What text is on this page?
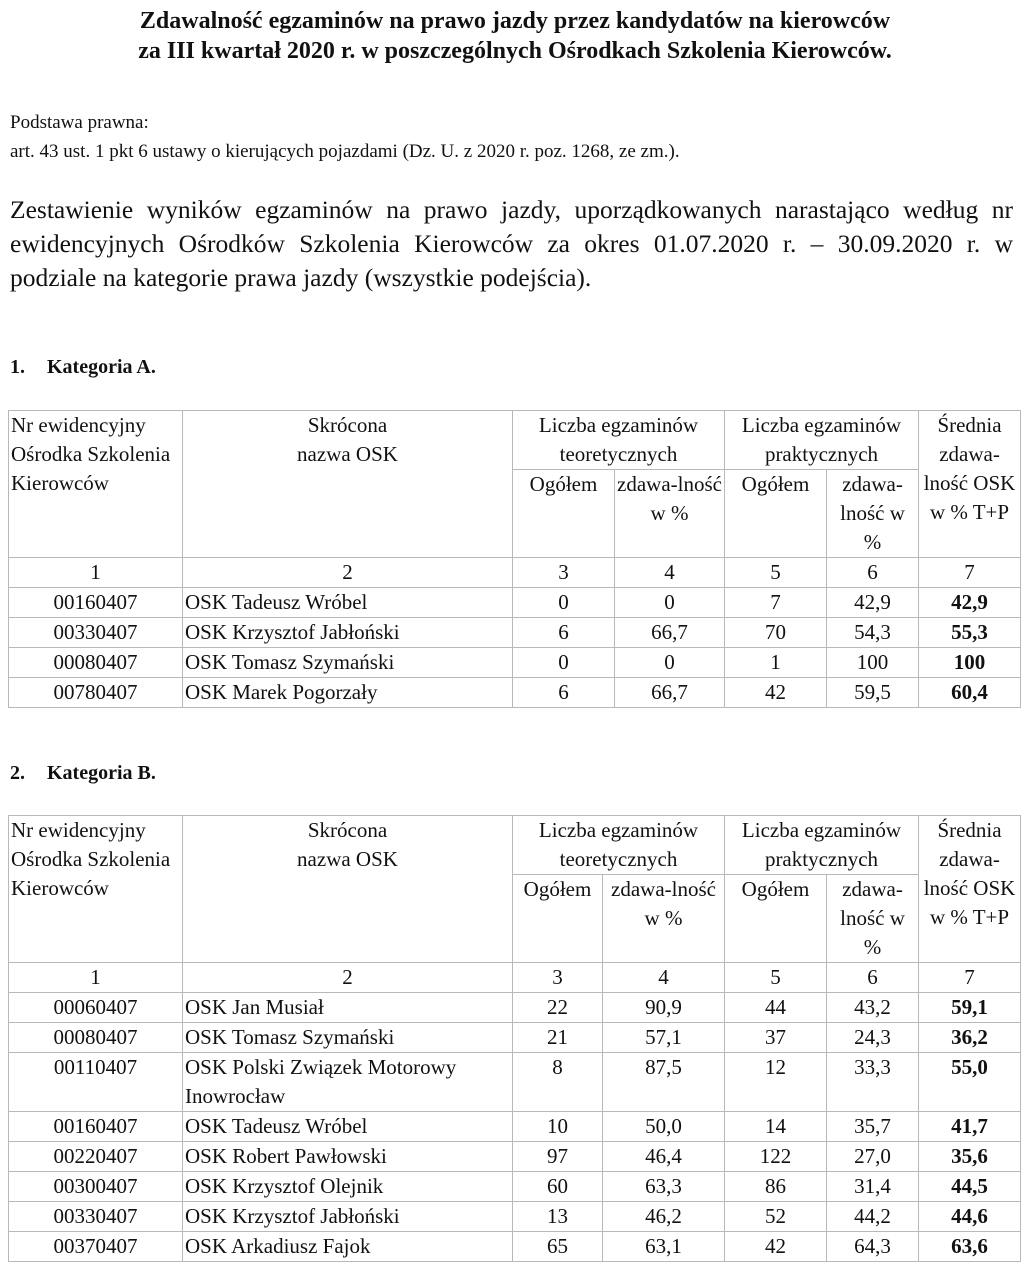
Zdawalność egzaminów na prawo jazdy przez kandydatów na kierowców
za III kwartał 2020 r. w poszczególnych Ośrodkach Szkolenia Kierowców.
Podstawa prawna:
art. 43 ust. 1 pkt 6 ustawy o kierujących pojazdami (Dz. U. z 2020 r. poz. 1268, ze zm.).
Zestawienie wyników egzaminów na prawo jazdy, uporządkowanych narastająco według nr ewidencyjnych Ośrodków Szkolenia Kierowców za okres 01.07.2020 r. – 30.09.2020 r. w podziale na kategorie prawa jazdy (wszystkie podejścia).
1. Kategoria A.
Nr ewidencyjny Ośrodka Szkolenia Kierowców	Skrócona nazwa OSK	Liczba egzaminów teoretycznych		Liczba egzaminów praktycznych		Średnia zdawa-lność OSK w % T+P
		Ogółem	zdawa-lność w %	Ogółem	zdawa-lność w %	
1	2	3	4	5	6	7
00160407	OSK Tadeusz Wróbel	0	0	7	42,9	42,9
00330407	OSK Krzysztof Jabłoński	6	66,7	70	54,3	55,3
00080407	OSK Tomasz Szymański	0	0	1	100	100
00780407	OSK Marek Pogorzały	6	66,7	42	59,5	60,4
2. Kategoria B.
Nr ewidencyjny Ośrodka Szkolenia Kierowców	Skrócona nazwa OSK	Liczba egzaminów teoretycznych		Liczba egzaminów praktycznych		Średnia zdawa-lność OSK w % T+P
		Ogółem	zdawa-lność w %	Ogółem	zdawa-lność w %	
1	2	3	4	5	6	7
00060407	OSK Jan Musiał	22	90,9	44	43,2	59,1
00080407	OSK Tomasz Szymański	21	57,1	37	24,3	36,2
00110407	OSK Polski Związek Motorowy Inowrocław	8	87,5	12	33,3	55,0
00160407	OSK Tadeusz Wróbel	10	50,0	14	35,7	41,7
00220407	OSK Robert Pawłowski	97	46,4	122	27,0	35,6
00300407	OSK Krzysztof Olejnik	60	63,3	86	31,4	44,5
00330407	OSK Krzysztof Jabłoński	13	46,2	52	44,2	44,6
00370407	OSK Arkadiusz Fajok	65	63,1	42	64,3	63,6
